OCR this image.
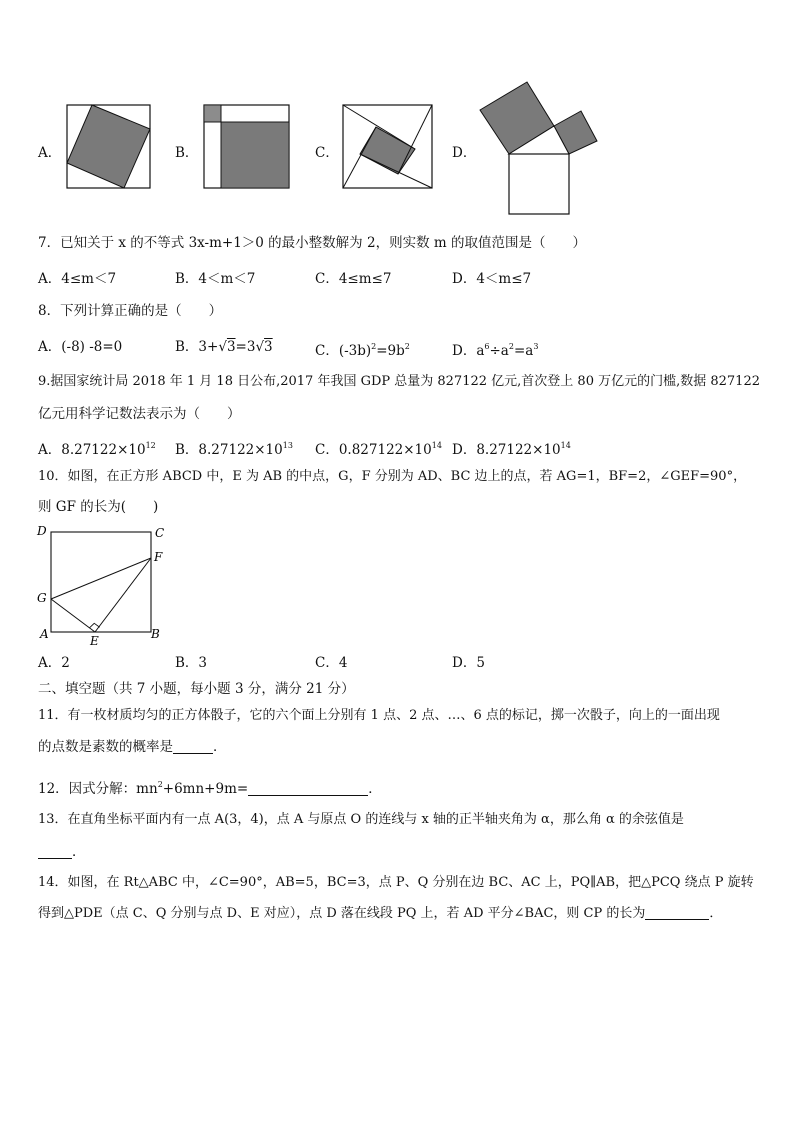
A．	B．	C．	D．
7．已知关于 x 的不等式 3x-m+1＞0 的最小整数解为 2，则实数 m 的取值范围是（　　）
A．4≤m＜7	B．4＜m＜7	C．4≤m≤7	D．4＜m≤7
8．下列计算正确的是（　　）
A．(-8) -8=0	B．3+√3=3√3	C．$(-3b)^2=9b^2$	D．$a^6\div a^2=a^3$
9.据国家统计局 2018 年 1 月 18 日公布,2017 年我国 GDP 总量为 827122 亿元,首次登上 80 万亿元的门槛,数据 827122
亿元用科学记数法表示为（　　）
A．$8.27122\times 10^{12}$ B．$8.27122\times 10^{13}$ C．$0.827122\times 10^{14}$ D．$8.27122\times 10^{14}$
10．如图，在正方形 ABCD 中，E 为 AB 的中点，G，F 分别为 AD、BC 边上的点，若 AG=1，BF=2，∠GEF=90°，
则 GF 的长为(　　)
D	C
F
G
A	E	B
A．2	B．3	C．4	D．5
二、填空题（共 7 小题，每小题 3 分，满分 21 分）
11．有一枚材质均匀的正方体骰子，它的六个面上分别有 1 点、2 点、…、6 点的标记，掷一次骰子，向上的一面出现
的点数是素数的概率是	．
12．因式分解：$mn^2+6mn+9m=$	．
13．在直角坐标平面内有一点 A(3，4)，点 A 与原点 O 的连线与 x 轴的正半轴夹角为 α，那么角 α 的余弦值是
．
14．如图，在 Rt△ABC 中，∠C=90°，AB=5，BC=3，点 P、Q 分别在边 BC、AC 上，PQ∥AB，把△PCQ 绕点 P 旋转
得到△PDE（点 C、Q 分别与点 D、E 对应），点 D 落在线段 PQ 上，若 AD 平分∠BAC，则 CP 的长为	．
